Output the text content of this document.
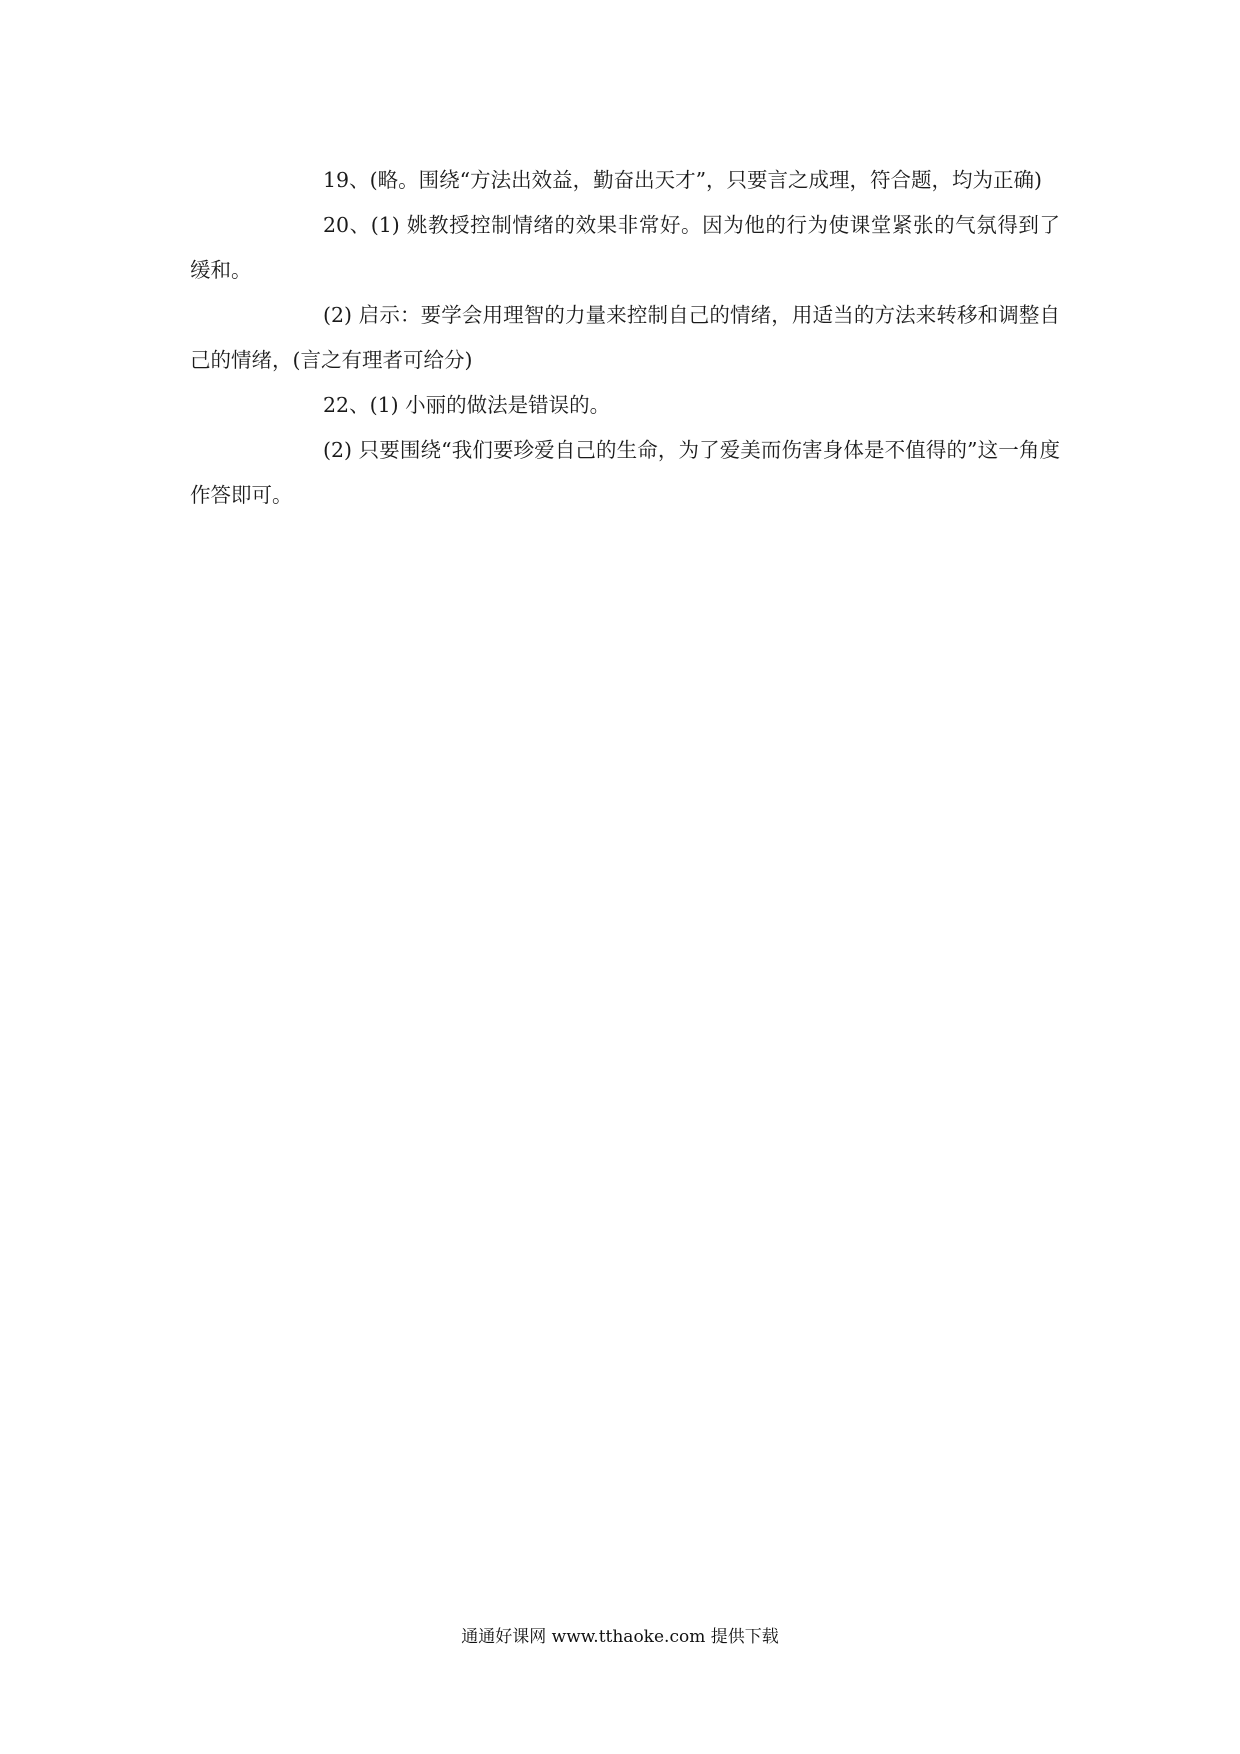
19、(略。围绕“方法出效益，勤奋出天才”，只要言之成理，符合题，均为正确)

20、(1) 姚教授控制情绪的效果非常好。因为他的行为使课堂紧张的气氛得到了缓和。

(2) 启示：要学会用理智的力量来控制自己的情绪，用适当的方法来转移和调整自己的情绪，(言之有理者可给分)

22、(1) 小丽的做法是错误的。

(2) 只要围绕“我们要珍爱自己的生命，为了爱美而伤害身体是不值得的”这一角度作答即可。

通通好课网 www.tthaoke.com 提供下载
